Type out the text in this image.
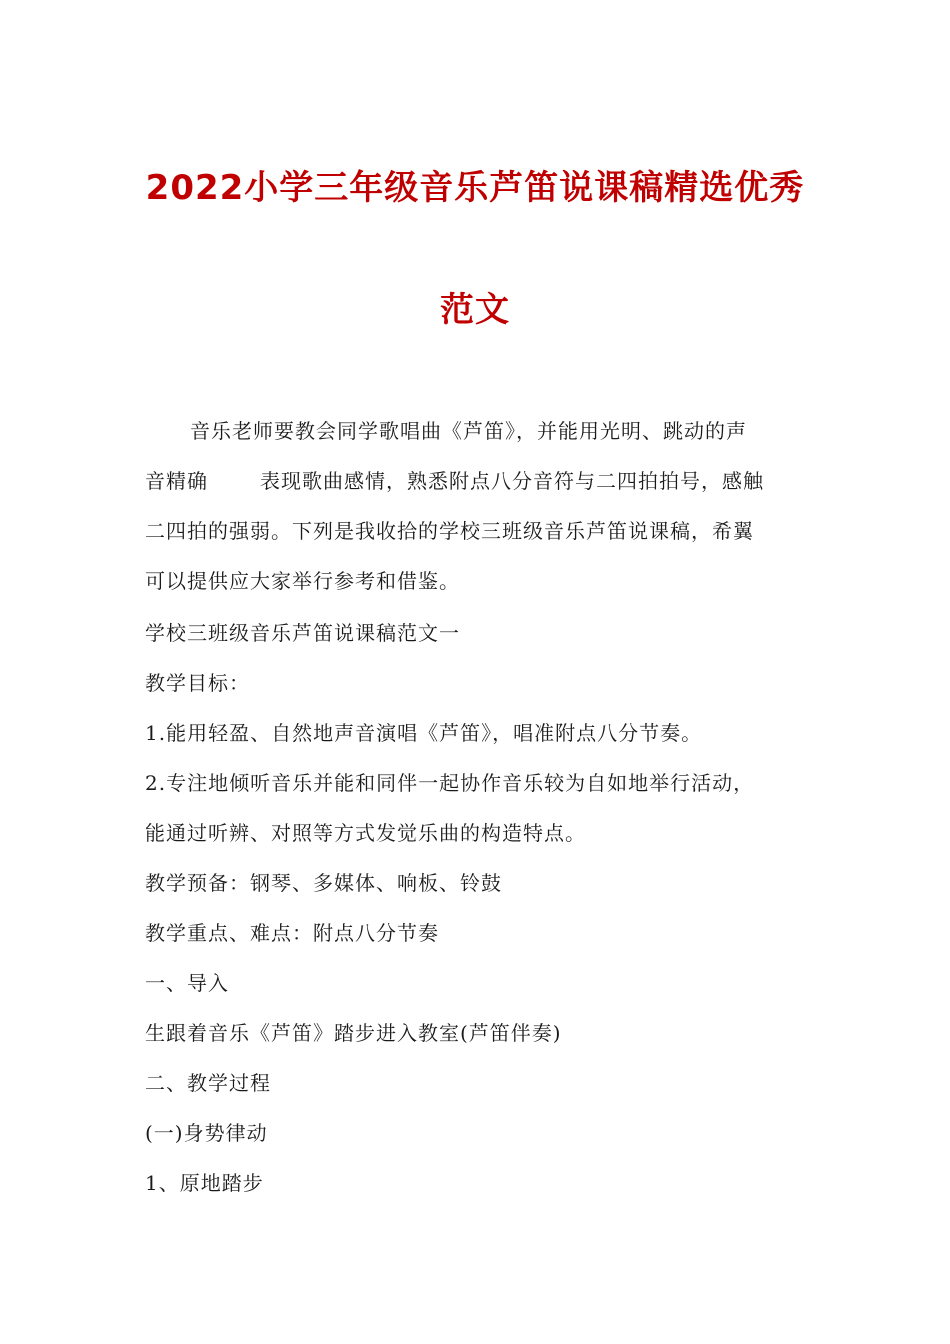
2022小学三年级音乐芦笛说课稿精选优秀
范文
音乐老师要教会同学歌唱曲《芦笛》，并能用光明、跳动的声
音精确	表现歌曲感情，熟悉附点八分音符与二四拍拍号，感触
二四拍的强弱。下列是我收拾的学校三班级音乐芦笛说课稿，希翼
可以提供应大家举行参考和借鉴。
学校三班级音乐芦笛说课稿范文一
教学目标：
1.能用轻盈、自然地声音演唱《芦笛》，唱准附点八分节奏。
2.专注地倾听音乐并能和同伴一起协作音乐较为自如地举行活动，
能通过听辨、对照等方式发觉乐曲的构造特点。
教学预备：钢琴、多媒体、响板、铃鼓
教学重点、难点：附点八分节奏
一、导入
生跟着音乐《芦笛》踏步进入教室(芦笛伴奏)
二、教学过程
(一)身势律动
1、原地踏步
